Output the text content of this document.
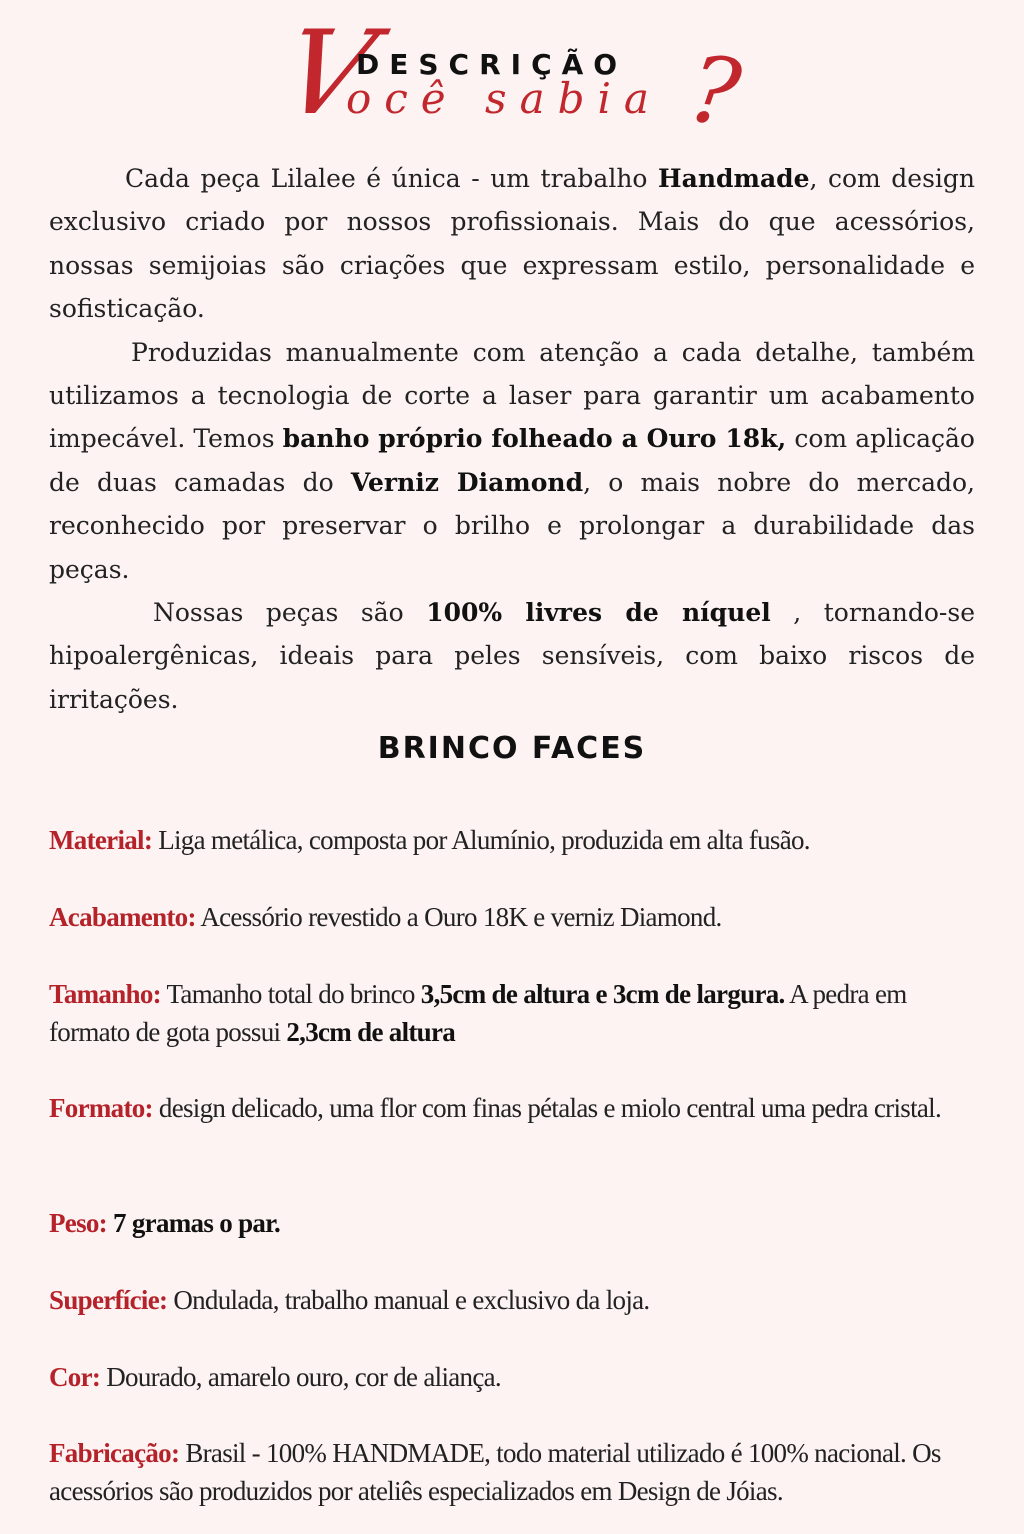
V
ocê sabia ?
DESCRIÇÃO

Cada peça Lilalee é única - um trabalho Handmade, com design exclusivo criado por nossos profissionais. Mais do que acessórios, nossas semijoias são criações que expressam estilo, personalidade e sofisticação.

Produzidas manualmente com atenção a cada detalhe, também utilizamos a tecnologia de corte a laser para garantir um acabamento impecável. Temos banho próprio folheado a Ouro 18k, com aplicação de duas camadas do Verniz Diamond, o mais nobre do mercado, reconhecido por preservar o brilho e prolongar a durabilidade das peças.

Nossas peças são 100% livres de níquel , tornando-se hipoalergênicas, ideais para peles sensíveis, com baixo riscos de irritações.

BRINCO FACES

Material: Liga metálica, composta por Alumínio, produzida em alta fusão.

Acabamento: Acessório revestido a Ouro 18K e verniz Diamond.

Tamanho: Tamanho total do brinco 3,5cm de altura e 3cm de largura. A pedra em formato de gota possui 2,3cm de altura

Formato: design delicado, uma flor com finas pétalas e miolo central uma pedra cristal.

Peso: 7 gramas o par.

Superfície: Ondulada, trabalho manual e exclusivo da loja.

Cor: Dourado, amarelo ouro, cor de aliança.

Fabricação: Brasil - 100% HANDMADE, todo material utilizado é 100% nacional. Os acessórios são produzidos por ateliês especializados em Design de Jóias.
